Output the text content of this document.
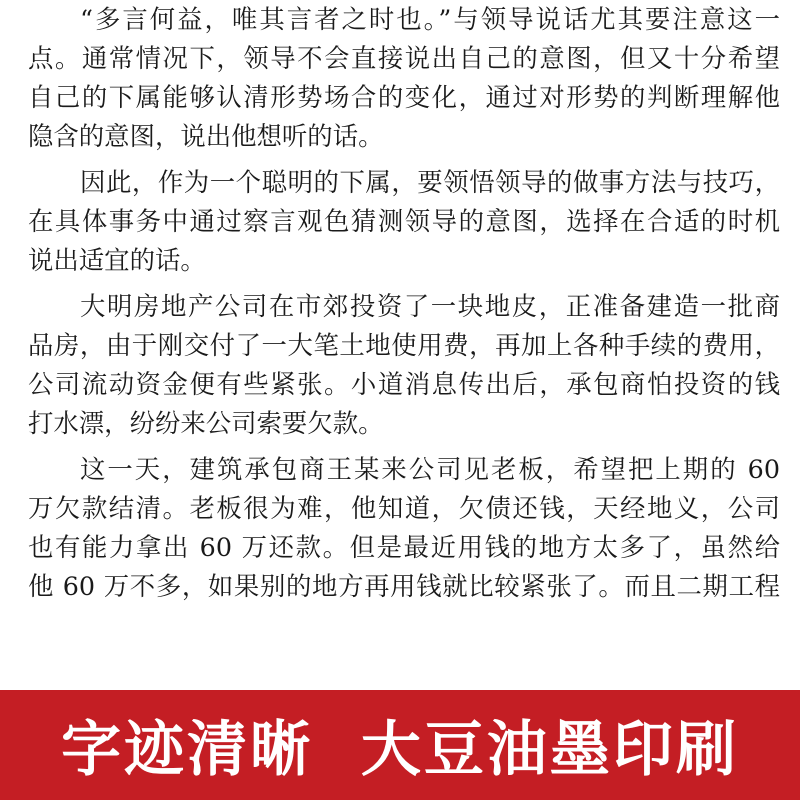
“多言何益，唯其言者之时也。”与领导说话尤其要注意这一
点。通常情况下，领导不会直接说出自己的意图，但又十分希望
自己的下属能够认清形势场合的变化，通过对形势的判断理解他
隐含的意图，说出他想听的话。
因此，作为一个聪明的下属，要领悟领导的做事方法与技巧，
在具体事务中通过察言观色猜测领导的意图，选择在合适的时机
说出适宜的话。
大明房地产公司在市郊投资了一块地皮，正准备建造一批商
品房，由于刚交付了一大笔土地使用费，再加上各种手续的费用，
公司流动资金便有些紧张。小道消息传出后，承包商怕投资的钱
打水漂，纷纷来公司索要欠款。
这一天，建筑承包商王某来公司见老板，希望把上期的 60
万欠款结清。老板很为难，他知道，欠债还钱，天经地义，公司
也有能力拿出 60 万还款。但是最近用钱的地方太多了，虽然给
他 60 万不多，如果别的地方再用钱就比较紧张了。而且二期工程
字迹清晰  大豆油墨印刷
